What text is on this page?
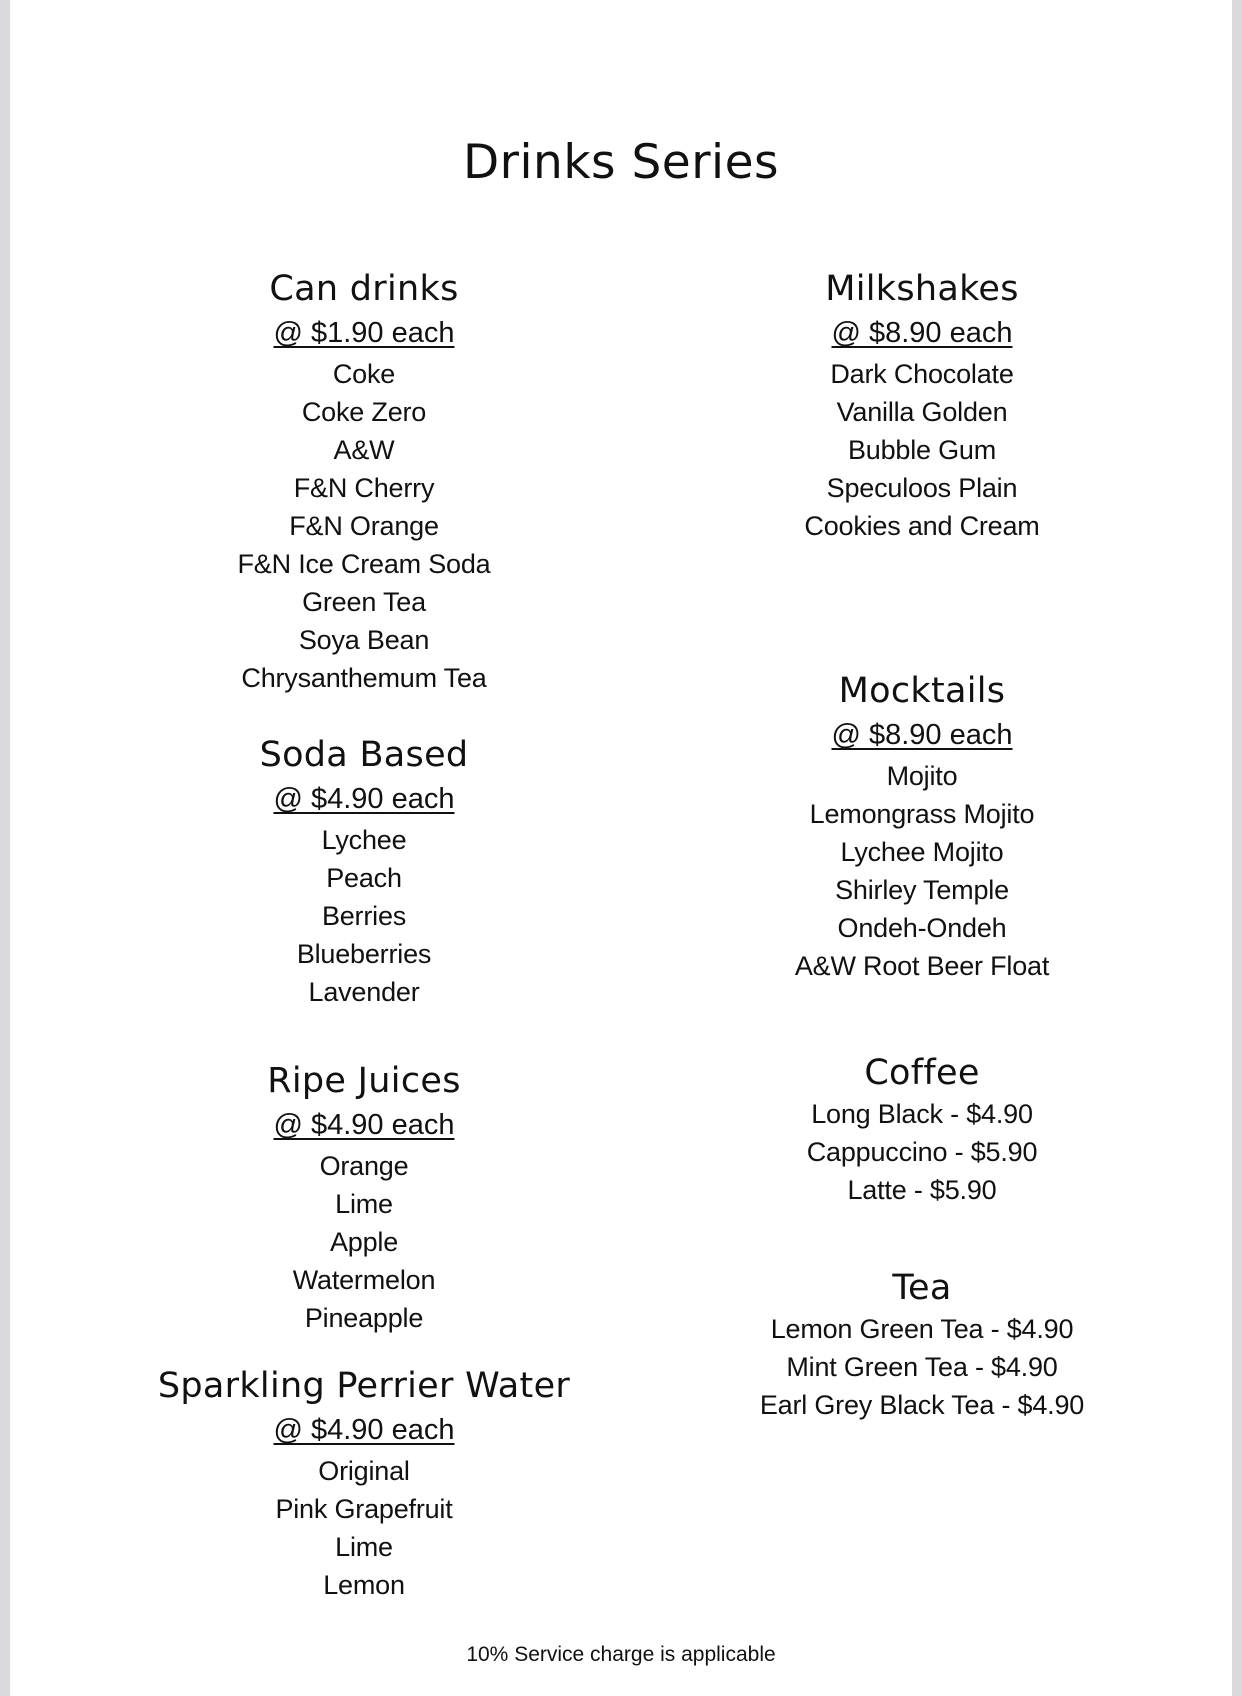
Drinks Series
Can drinks
@ $1.90 each
Coke
Coke Zero
A&W
F&N Cherry
F&N Orange
F&N Ice Cream Soda
Green Tea
Soya Bean
Chrysanthemum Tea
Soda Based
@ $4.90 each
Lychee
Peach
Berries
Blueberries
Lavender
Ripe Juices
@ $4.90 each
Orange
Lime
Apple
Watermelon
Pineapple
Sparkling Perrier Water
@ $4.90 each
Original
Pink Grapefruit
Lime
Lemon
Milkshakes
@ $8.90 each
Dark Chocolate
Vanilla Golden
Bubble Gum
Speculoos Plain
Cookies and Cream
Mocktails
@ $8.90 each
Mojito
Lemongrass Mojito
Lychee Mojito
Shirley Temple
Ondeh-Ondeh
A&W Root Beer Float
Coffee
Long Black - $4.90
Cappuccino - $5.90
Latte - $5.90
Tea
Lemon Green Tea - $4.90
Mint Green Tea - $4.90
Earl Grey Black Tea - $4.90
10% Service charge is applicable
